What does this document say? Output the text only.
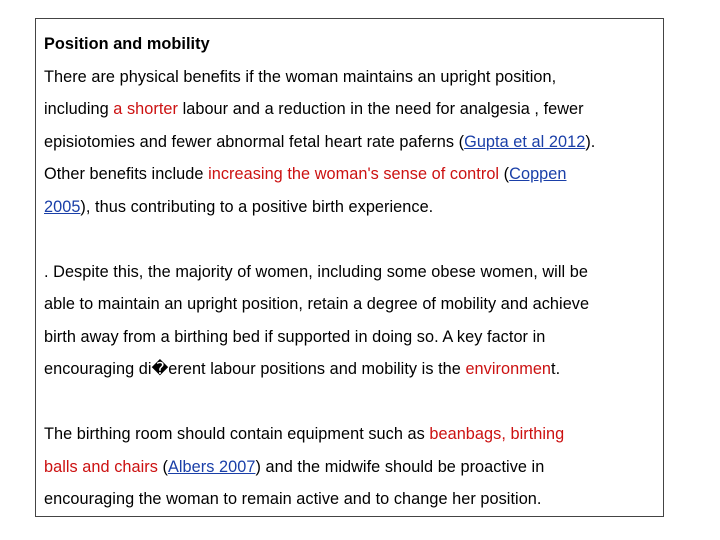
Position and mobility
There are physical benefits if the woman maintains an upright position,
including a shorter labour and a reduction in the need for analgesia , fewer
episiotomies and fewer abnormal fetal heart rate paferns (Gupta et al 2012).
Other benefits include increasing the woman's sense of control (Coppen
2005), thus contributing to a positive birth experience.
. Despite this, the majority of women, including some obese women, will be
able to maintain an upright position, retain a degree of mobility and achieve
birth away from a birthing bed if supported in doing so. A key factor in
encouraging di�erent labour positions and mobility is the environment.
The birthing room should contain equipment such as beanbags, birthing
balls and chairs (Albers 2007) and the midwife should be proactive in
encouraging the woman to remain active and to change her position.
